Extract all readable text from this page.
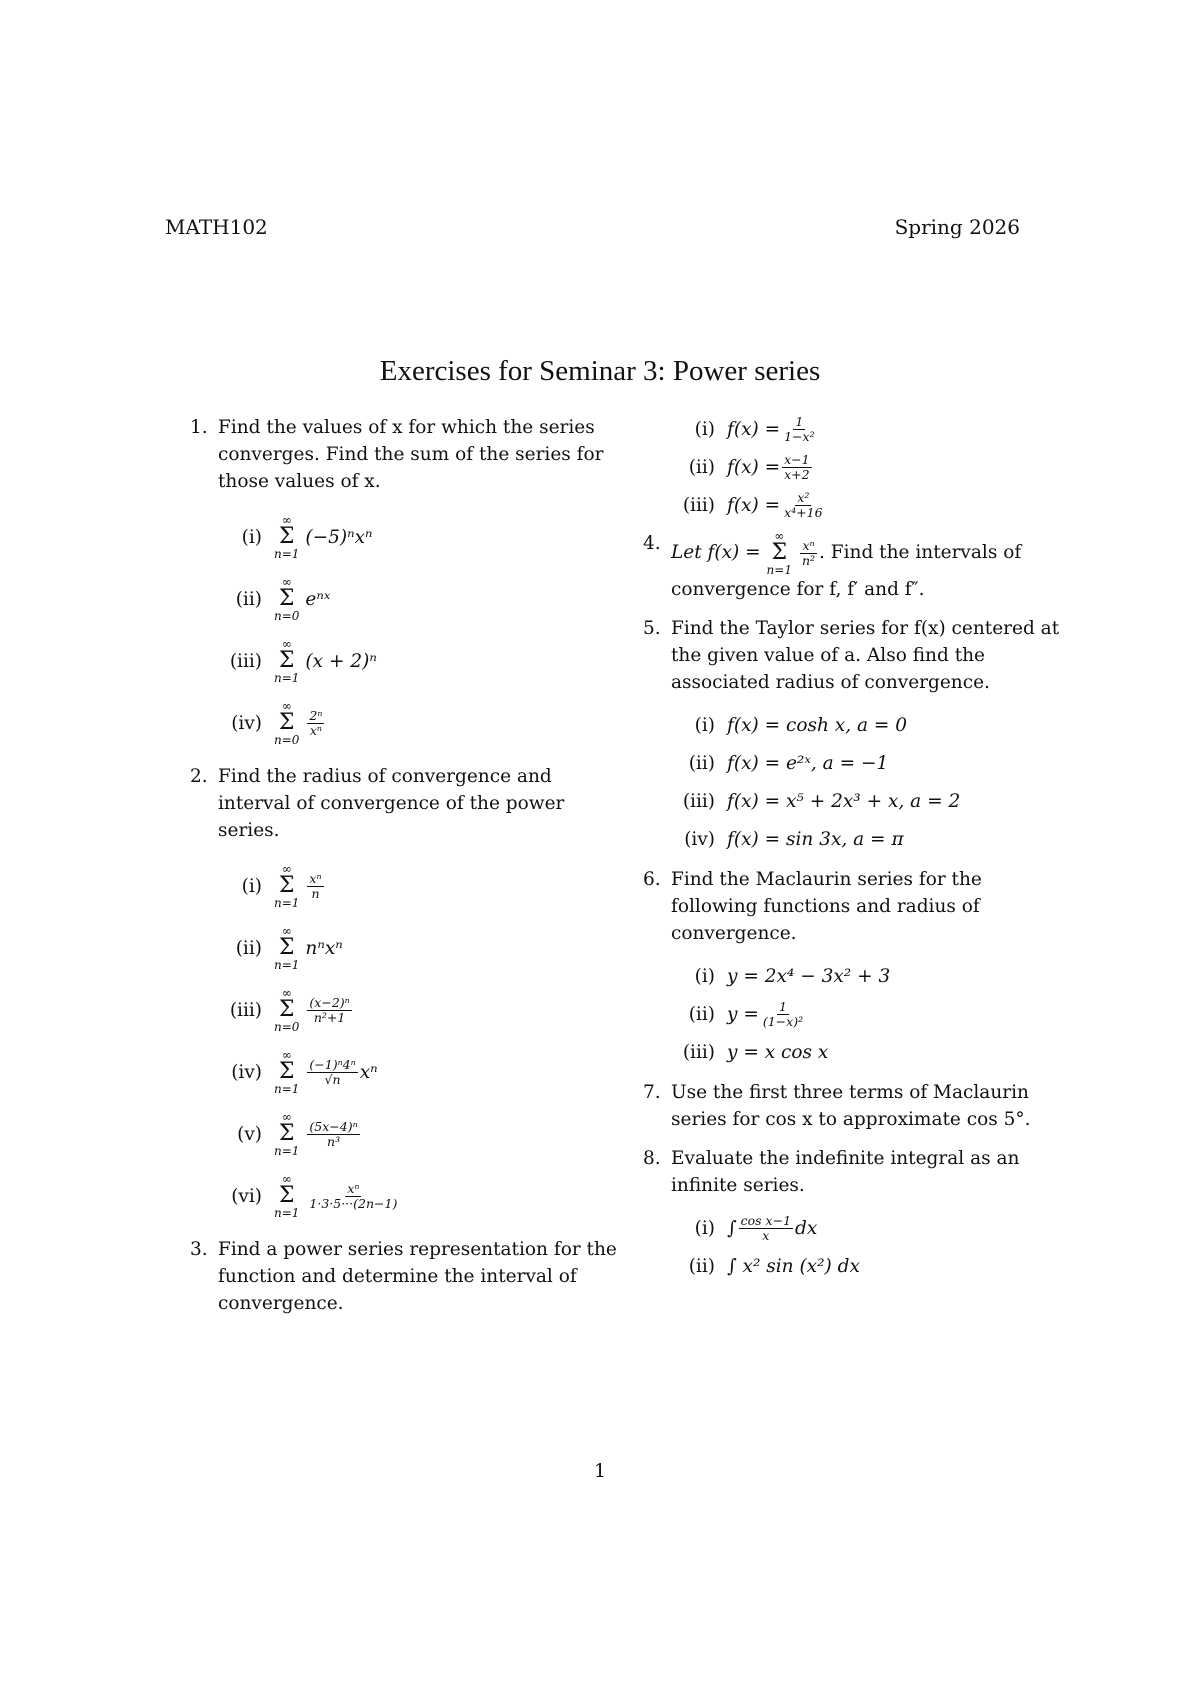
MATH102	Spring 2026
Exercises for Seminar 3: Power series
1. Find the values of x for which the series converges. Find the sum of the series for those values of x.
(i)
∞
Σ
n=1
(−5)ⁿxⁿ
(ii)
∞
Σ
n=0
eⁿˣ
(iii)
∞
Σ
n=1
(x + 2)ⁿ
(iv)
∞
Σ
n=0
$\frac{\text{2ⁿ}}{\text{xⁿ}}$
2. Find the radius of convergence and interval of convergence of the power series.
(i)
∞
Σ
n=1
$\frac{\text{xⁿ}}{n}$
(ii)
∞
Σ
n=1
nⁿxⁿ
(iii)
∞
Σ
n=0
$\frac{\text{(x−2)ⁿ}}{\text{n²+1}}$
(iv)
∞
Σ
n=1
$\frac{\text{(−1)ⁿ4ⁿ}}{√n}$ xⁿ
(v)
∞
Σ
n=1
$\frac{\text{(5x−4)ⁿ}}{\text{n³}}$
(vi)
∞
Σ
n=1
$\frac{\text{xⁿ}}{1\cdot 3\cdot 5\cdot\cdot\cdot(2n-1)}$
3. Find a power series representation for the function and determine the interval of convergence.
(i) $f(x) = \frac{1}{\text{1−x²}}$
(ii) $f(x) = \frac{x-1}{x+2}$
(iii) $f(x) = \frac{\text{x²}}{\text{x⁴+16}}$
4. Let f(x) =
∞
Σ
n=1
$\frac{\text{xⁿ}}{\text{n²}}$ . Find the intervals of convergence for f, f′ and f″.
5. Find the Taylor series for f(x) centered at the given value of a. Also find the associated radius of convergence.
(i) f(x) = cosh x, a = 0
(ii) f(x) = e²ˣ, a = −1
(iii) f(x) = x⁵ + 2x³ + x, a = 2
(iv) f(x) = sin 3x, a = π
6. Find the Maclaurin series for the following functions and radius of convergence.
(i) y = 2x⁴ − 3x² + 3
(ii) $y = \frac{1}{\text{(1−x)²}}$
(iii) y = x cos x
7. Use the first three terms of Maclaurin series for cos x to approximate cos 5°.
8. Evaluate the indefinite integral as an infinite series.
(i) ∫ $\frac{\text{cos x−1}}{x}$ dx
(ii) ∫ x² sin (x²) dx
1
